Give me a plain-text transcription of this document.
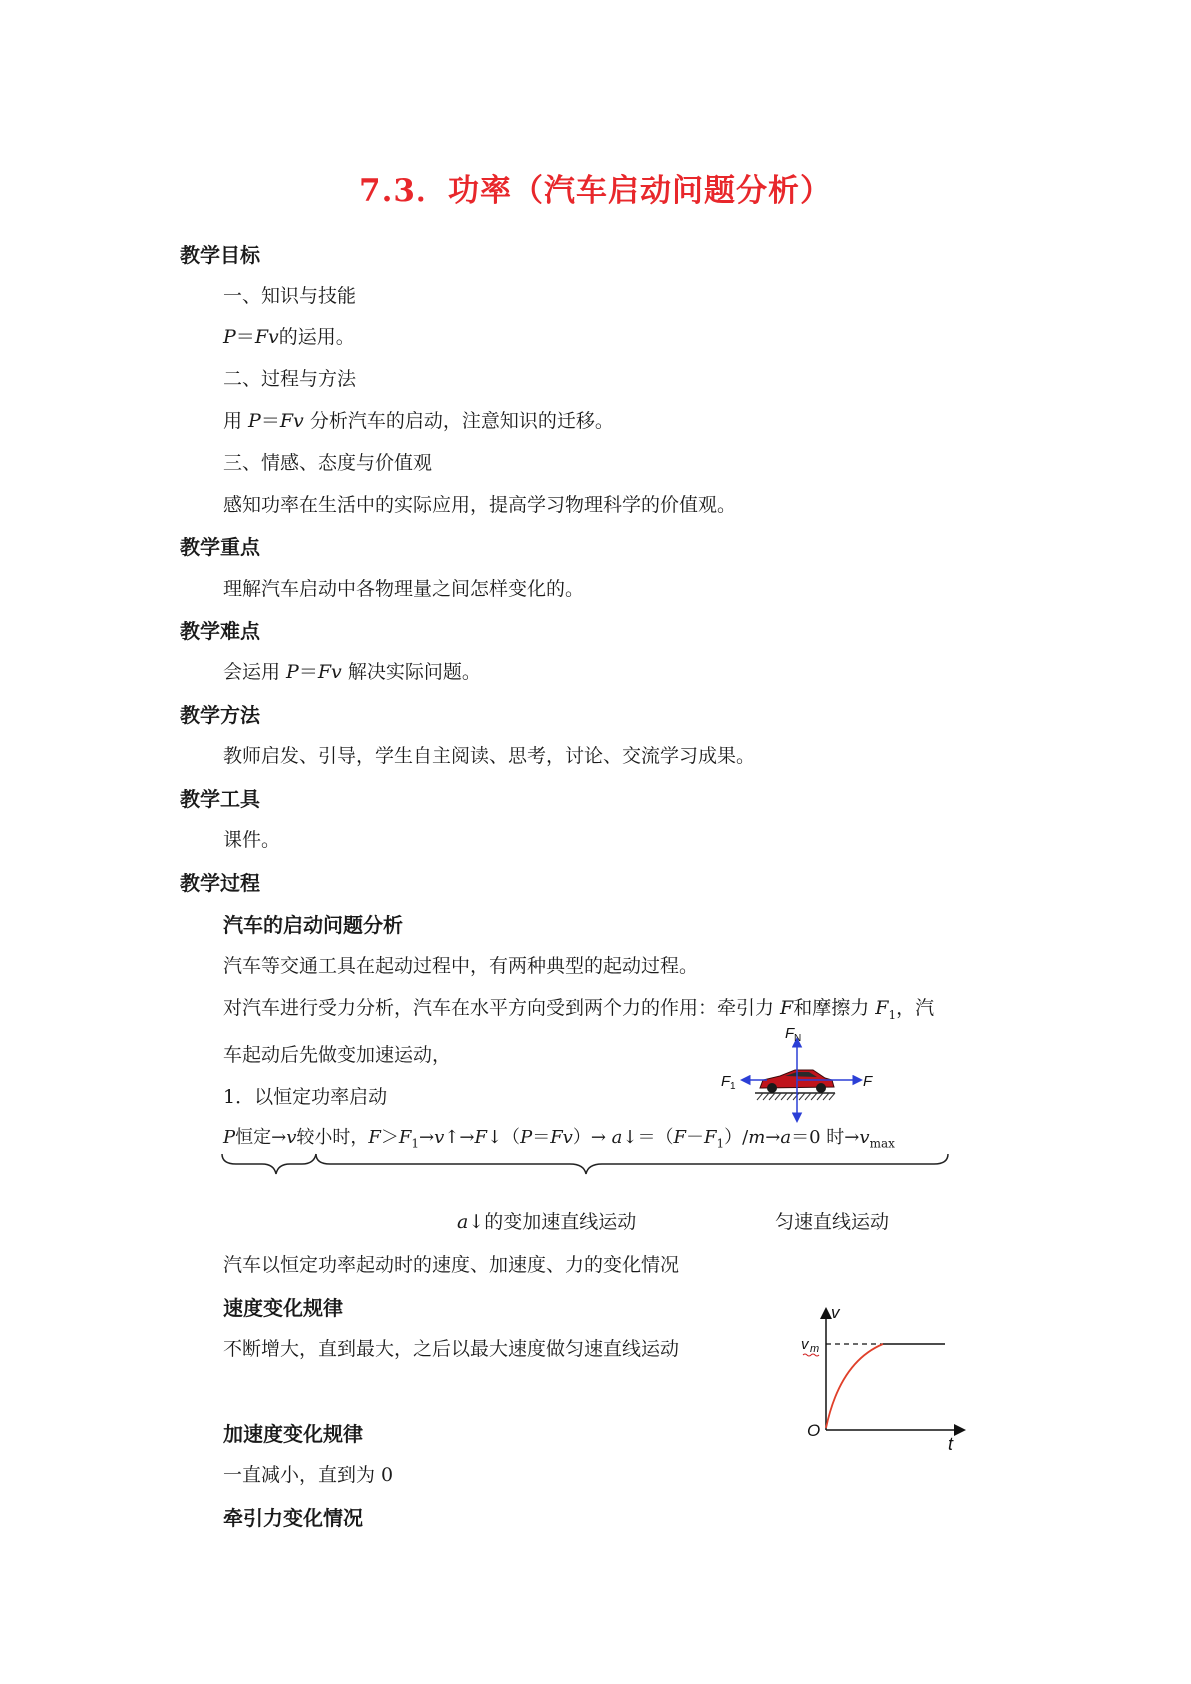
7.3．功率（汽车启动问题分析）
教学目标
一、知识与技能
P＝Fv的运用。
二、过程与方法
用 P＝Fv 分析汽车的启动，注意知识的迁移。
三、情感、态度与价值观
感知功率在生活中的实际应用，提高学习物理科学的价值观。
教学重点
理解汽车启动中各物理量之间怎样变化的。
教学难点
会运用 P＝Fv 解决实际问题。
教学方法
教师启发、引导，学生自主阅读、思考，讨论、交流学习成果。
教学工具
课件。
教学过程
汽车的启动问题分析
汽车等交通工具在起动过程中，有两种典型的起动过程。
对汽车进行受力分析，汽车在水平方向受到两个力的作用：牵引力 F和摩擦力 $F_1$，汽
车起动后先做变加速运动，
1．以恒定功率启动
F N
F 1	F
P恒定→v较小时，$F>F_1\to v↑\to F↓(P=Fv)\to$ $a↓=(F-F_1)/m\to a=0$ 时$\to v_{max}$
a↓的变加速直线运动	匀速直线运动
汽车以恒定功率起动时的速度、加速度、力的变化情况
速度变化规律
不断增大，直到最大，之后以最大速度做匀速直线运动
加速度变化规律
一直减小，直到为 0
牵引力变化情况
v
v m
O
t
